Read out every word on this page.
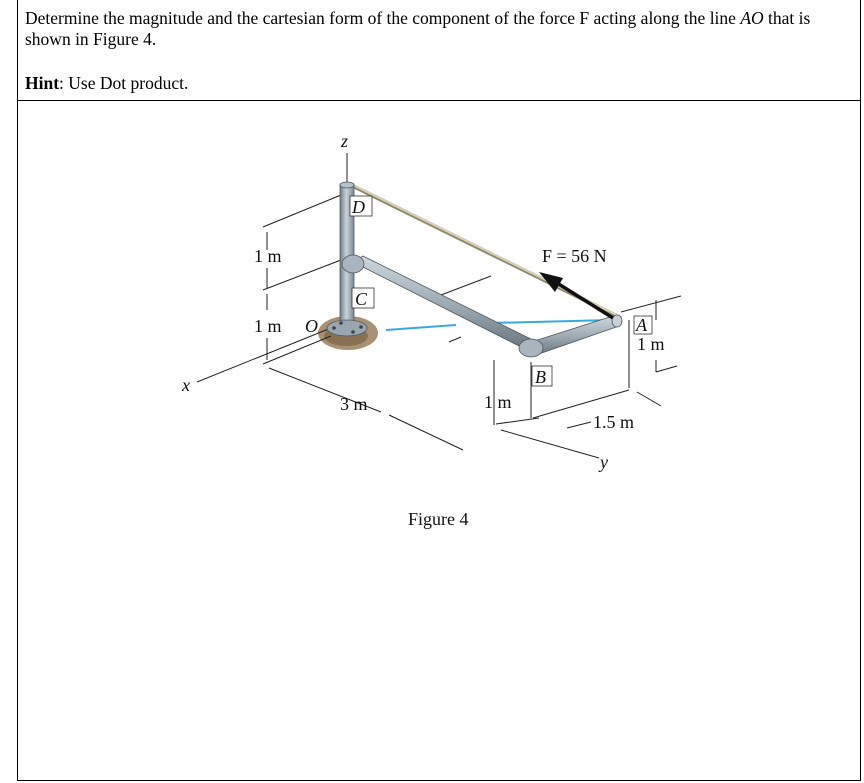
Determine the magnitude and the cartesian form of the component of the force F acting along the line AO that is shown in Figure 4.

Hint: Use Dot product.

z
x
y
D
C
B
A
O
F = 56 N
1 m
1 m
3 m	1 m
1.5 m
1 m

Figure 4
